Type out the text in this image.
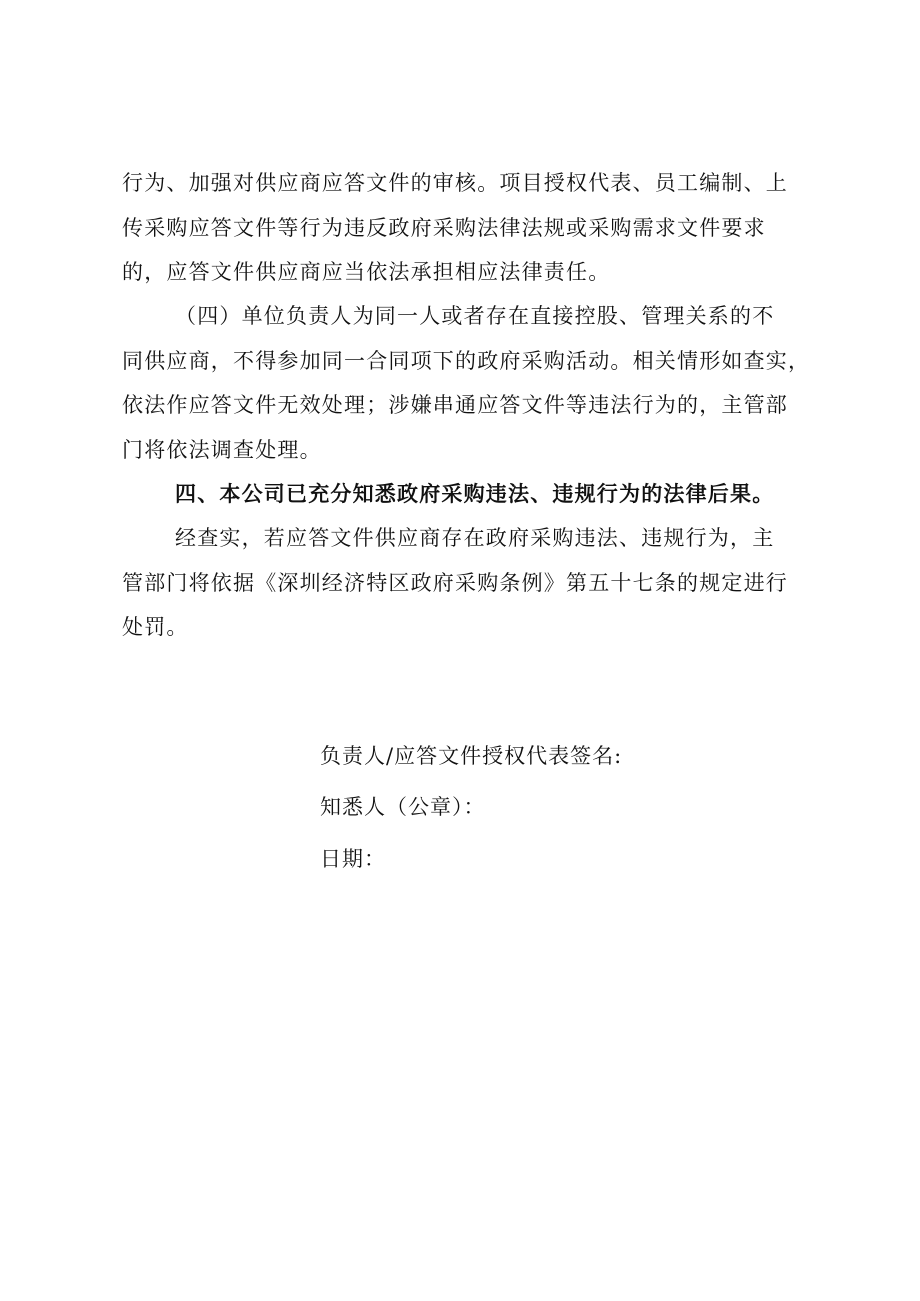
行为、加强对供应商应答文件的审核。项目授权代表、员工编制、上
传采购应答文件等行为违反政府采购法律法规或采购需求文件要求
的，应答文件供应商应当依法承担相应法律责任。
（四）单位负责人为同一人或者存在直接控股、管理关系的不
同供应商，不得参加同一合同项下的政府采购活动。相关情形如查实，
依法作应答文件无效处理；涉嫌串通应答文件等违法行为的，主管部
门将依法调查处理。
四、本公司已充分知悉政府采购违法、违规行为的法律后果。
经查实，若应答文件供应商存在政府采购违法、违规行为，主
管部门将依据《深圳经济特区政府采购条例》第五十七条的规定进行
处罚。

负责人/应答文件授权代表签名:

知悉人（公章）：

日期：
